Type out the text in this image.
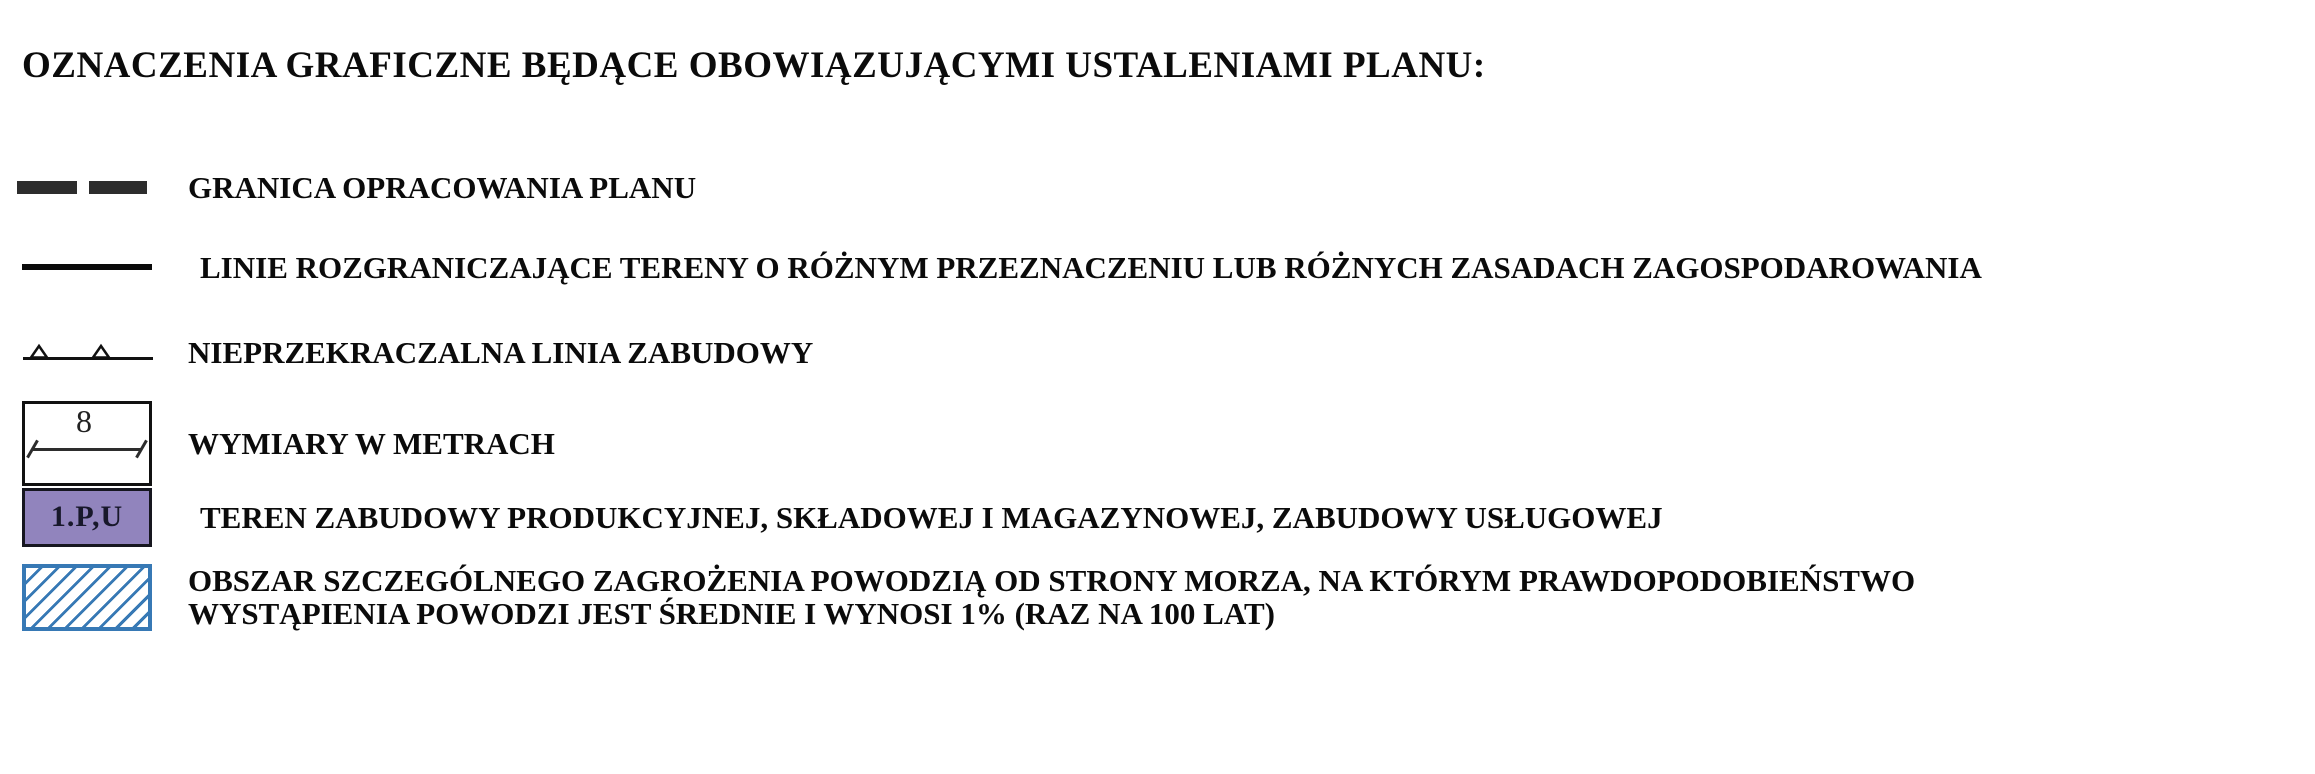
OZNACZENIA GRAFICZNE BĘDĄCE OBOWIĄZUJĄCYMI USTALENIAMI PLANU:
GRANICA OPRACOWANIA PLANU
LINIE ROZGRANICZAJĄCE TERENY O RÓŻNYM PRZEZNACZENIU LUB RÓŻNYCH ZASADACH ZAGOSPODAROWANIA
NIEPRZEKRACZALNA LINIA ZABUDOWY
8
WYMIARY W METRACH
1.P,U	TEREN ZABUDOWY PRODUKCYJNEJ, SKŁADOWEJ I MAGAZYNOWEJ, ZABUDOWY USŁUGOWEJ
OBSZAR SZCZEGÓLNEGO ZAGROŻENIA POWODZIĄ OD STRONY MORZA, NA KTÓRYM PRAWDOPODOBIEŃSTWO
WYSTĄPIENIA POWODZI JEST ŚREDNIE I WYNOSI 1% (RAZ NA 100 LAT)
